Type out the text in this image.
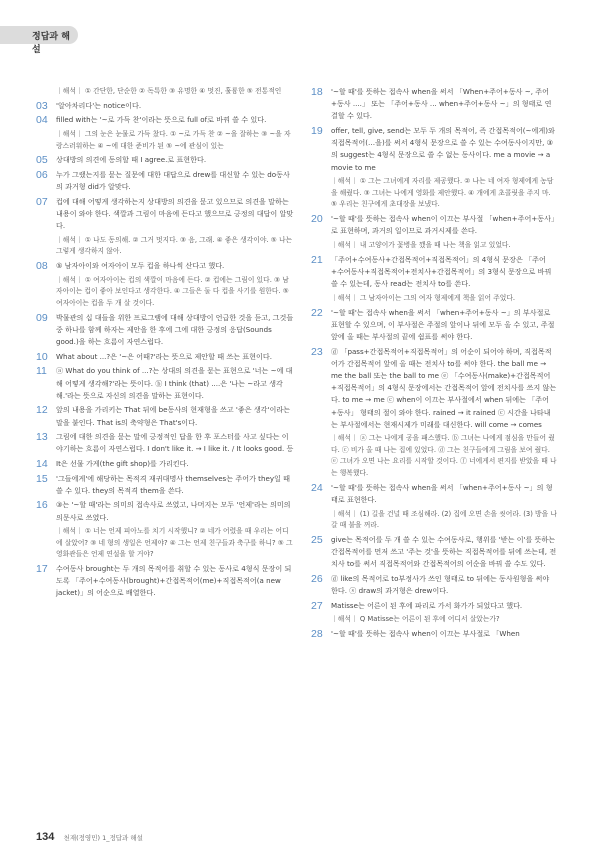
정답과 해설
｜해석｜ ① 간단한, 단순한 ② 독특한 ③ 유명한 ④ 멋진, 훌륭한 ⑤ 전통적인
03 '알아차리다'는 notice이다.
04 filled with는 '~로 가득 찬'이라는 뜻으로 full of로 바꿔 쓸 수 있다.
｜해석｜ 그의 눈은 눈물로 가득 찼다. ① ~로 가득 찬 ② ~을 잘하는 ③ ~을 자랑스러워하는 ④ ~에 대한 준비가 된 ⑤ ~에 관심이 있는
05 상대방의 의견에 동의할 때 I agree.로 표현한다.
06 누가 그랬는지를 묻는 질문에 대한 대답으로 drew를 대신할 수 있는 do동사의 과거형 did가 알맞다.
07 컵에 대해 어떻게 생각하는지 상대방의 의견을 묻고 있으므로 의견을 말하는 내용이 와야 한다. 색깔과 그림이 마음에 든다고 했으므로 긍정의 대답이 알맞다.
｜해석｜ ① 나도 동의해. ② 그거 멋지다. ③ 음, 그래. ④ 좋은 생각이야. ⑤ 나는 그렇게 생각하지 않아.
08 ⑤ 남자아이와 여자아이 모두 컵을 하나씩 산다고 했다.
｜해석｜ ① 여자아이는 컵의 색깔이 마음에 든다. ② 컵에는 그림이 있다. ③ 남자아이는 컵이 좋아 보인다고 생각한다. ④ 그들은 둘 다 컵을 사기를 원한다. ⑤ 여자아이는 컵을 두 개 살 것이다.
09 박물관의 십 대들을 위한 프로그램에 대해 상대방이 언급한 것을 듣고, 그것들 중 하나를 함께 하자는 제안을 한 후에 그에 대한 긍정의 응답(Sounds good.)을 하는 흐름이 자연스럽다.
10 What about ...?은 '~은 어때?'라는 뜻으로 제안할 때 쓰는 표현이다.
11 ⓐ What do you think of ...?는 상대의 의견을 묻는 표현으로 '너는 ~에 대해 어떻게 생각해?'라는 뜻이다. ⓑ I think (that) ....은 '나는 ~라고 생각해.'라는 뜻으로 자신의 의견을 말하는 표현이다.
12 앞의 내용을 가리키는 That 뒤에 be동사의 현재형을 쓰고 '좋은 생각'이라는 말을 붙인다. That is의 축약형은 That's이다.
13 그림에 대한 의견을 묻는 말에 긍정적인 답을 한 후 포스터를 사고 싶다는 이야기하는 흐름이 자연스럽다. I don't like it. → I like it. / It looks good. 등
14 It은 선물 가게(the gift shop)를 가리킨다.
15 '그들에게'에 해당하는 목적격 재귀대명사 themselves는 주어가 they일 때 쓸 수 있다. they의 목적격 them을 쓴다.
16 ③는 '~할 때'라는 의미의 접속사로 쓰였고, 나머지는 모두 '언제'라는 의미의 의문사로 쓰였다.
｜해석｜ ① 너는 언제 피아노를 치기 시작했니? ② 네가 어렸을 때 우리는 어디에 살았어? ③ 네 형의 생일은 언제야? ④ 그는 언제 친구들과 축구를 하니? ⑤ 그 영화관들은 언제 연설을 할 거야?
17 수여동사 brought는 두 개의 목적어를 취할 수 있는 동사로 4형식 문장이 되도록 「주어+수여동사(brought)+간접목적어(me)+직접목적어(a new jacket)」의 어순으로 배열한다.
18 '~할 때'를 뜻하는 접속사 when을 써서 「When+주어+동사 ~, 주어+동사 ....」 또는 「주어+동사 ... when+주어+동사 ~」의 형태로 연결할 수 있다.
19 offer, tell, give, send는 모두 두 개의 목적어, 즉 간접목적어(~에게)와 직접목적어(…을)를 써서 4형식 문장으로 쓸 수 있는 수여동사이지만, ③의 suggest는 4형식 문장으로 쓸 수 없는 동사이다. me a movie → a movie to me
｜해석｜ ① 그는 그녀에게 자리를 제공했다. ② 나는 네 여자 형제에게 농담을 해줬다. ③ 그녀는 나에게 영화를 제안했다. ④ 개에게 초콜릿을 주지 마. ⑤ 우리는 친구에게 초대장을 보냈다.
20 '~할 때'를 뜻하는 접속사 when이 이끄는 부사절 「when+주어+동사」로 표현하며, 과거의 일이므로 과거시제를 쓴다.
｜해석｜ 내 고양이가 꽃병을 깼을 때 나는 책을 읽고 있었다.
21 「주어+수여동사+간접목적어+직접목적어」의 4형식 문장은 「주어+수여동사+직접목적어+전치사+간접목적어」의 3형식 문장으로 바꿔 쓸 수 있는데, 동사 read는 전치사 to를 쓴다.
｜해석｜ 그 남자아이는 그의 여자 형제에게 책을 읽어 주었다.
22 '~할 때'는 접속사 when을 써서 「when+주어+동사 ~」의 부사절로 표현할 수 있으며, 이 부사절은 주절의 앞이나 뒤에 모두 올 수 있고, 주절 앞에 올 때는 부사절의 끝에 쉼표를 써야 한다.
23 ⓓ 「pass+간접목적어+직접목적어」의 어순이 되어야 하며, 직접목적어가 간접목적어 앞에 올 때는 전치사 to를 써야 한다. the ball me → me the ball 또는 the ball to me ⓔ 「수여동사(make)+간접목적어+직접목적어」의 4형식 문장에서는 간접목적어 앞에 전치사를 쓰지 않는다. to me → me ⓒ when이 이끄는 부사절에서 when 뒤에는 「주어+동사」 형태의 절이 와야 한다. rained → it rained ⓒ 시간을 나타내는 부사절에서는 현재시제가 미래를 대신한다. will come → comes
｜해석｜ ⓐ 그는 나에게 공을 패스했다. ⓑ 그녀는 나에게 점심을 만들어 줬다. ⓒ 비가 올 때 나는 집에 있었다. ⓓ 그는 친구들에게 그림을 보여 줬다. ⓔ 그녀가 오면 나는 요리를 시작할 것이다. ⓕ 너에게서 편지를 받았을 때 나는 행복했다.
24 '~할 때'를 뜻하는 접속사 when을 써서 「when+주어+동사 ~」의 형태로 표현한다.
｜해석｜ (1) 길을 건널 때 조심해라. (2) 집에 오면 손을 씻어라. (3) 방을 나갈 때 불을 꺼라.
25 give는 목적어를 두 개 쓸 수 있는 수여동사로, 행위를 '받는 이'를 뜻하는 간접목적어를 먼저 쓰고 '주는 것'을 뜻하는 직접목적어를 뒤에 쓰는데, 전치사 to를 써서 직접목적어와 간접목적어의 어순을 바꿔 쓸 수도 있다.
26 ⓓ like의 목적어로 to부정사가 쓰인 형태로 to 뒤에는 동사원형을 써야 한다. ⓢ draw의 과거형은 drew이다.
27 Matisse는 어른이 된 후에 파리로 가서 화가가 되었다고 했다.
｜해석｜ Q Matisse는 어른이 된 후에 어디서 살았는가?
28 '~할 때'를 뜻하는 접속사 when이 이끄는 부사절로 「When
134 천재(정영민) 1_정답과 해설
